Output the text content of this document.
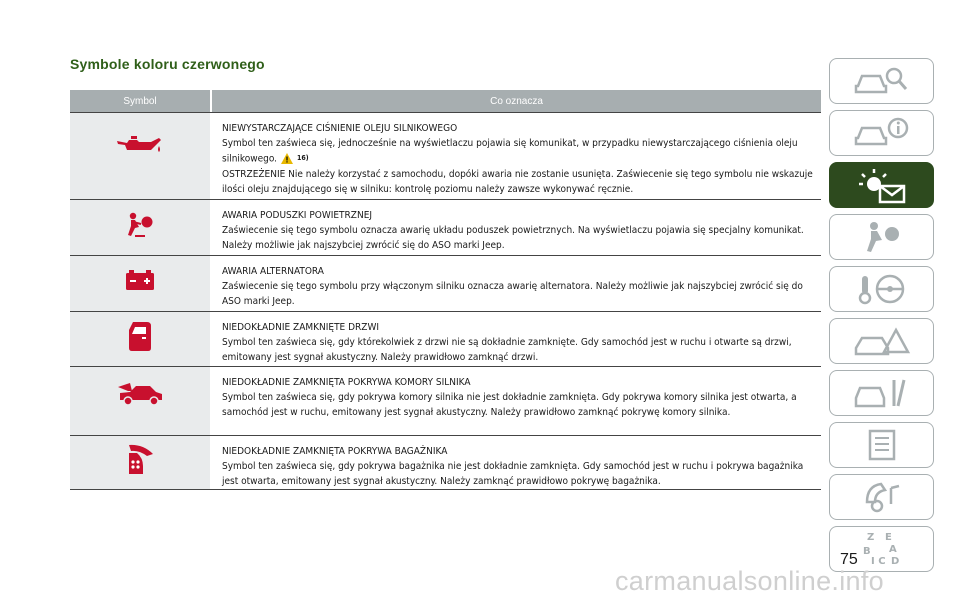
Symbole koloru czerwonego
Symbol	Co oznacza

NIEWYSTARCZAJĄCE CIŚNIENIE OLEJU SILNIKOWEGO

Symbol ten zaświeca się, jednocześnie na wyświetlaczu pojawia się komunikat, w przypadku niewystarczającego ciśnienia oleju silnikowego.	16)

OSTRZEŻENIE Nie należy korzystać z samochodu, dopóki awaria nie zostanie usunięta. Zaświecenie się tego symbolu nie wskazuje ilości oleju znajdującego się w silniku: kontrolę poziomu należy zawsze wykonywać ręcznie.

AWARIA PODUSZKI POWIETRZNEJ

Zaświecenie się tego symbolu oznacza awarię układu poduszek powietrznych. Na wyświetlaczu pojawia się specjalny komunikat. Należy możliwie jak najszybciej zwrócić się do ASO marki Jeep.

AWARIA ALTERNATORA

Zaświecenie się tego symbolu przy włączonym silniku oznacza awarię alternatora. Należy możliwie jak najszybciej zwrócić się do ASO marki Jeep.

NIEDOKŁADNIE ZAMKNIĘTE DRZWI

Symbol ten zaświeca się, gdy którekolwiek z drzwi nie są dokładnie zamknięte. Gdy samochód jest w ruchu i otwarte są drzwi, emitowany jest sygnał akustyczny. Należy prawidłowo zamknąć drzwi.

NIEDOKŁADNIE ZAMKNIĘTA POKRYWA KOMORY SILNIKA

Symbol ten zaświeca się, gdy pokrywa komory silnika nie jest dokładnie zamknięta. Gdy pokrywa komory silnika jest otwarta, a samochód jest w ruchu, emitowany jest sygnał akustyczny. Należy prawidłowo zamknąć pokrywę komory silnika.

NIEDOKŁADNIE ZAMKNIĘTA POKRYWA BAGAŻNIKA

Symbol ten zaświeca się, gdy pokrywa bagażnika nie jest dokładnie zamknięta. Gdy samochód jest w ruchu i pokrywa bagażnika jest otwarta, emitowany jest sygnał akustyczny. Należy zamknąć prawidłowo pokrywę bagażnika.

Z E
B A
I C D
75
carmanualsonline.info
